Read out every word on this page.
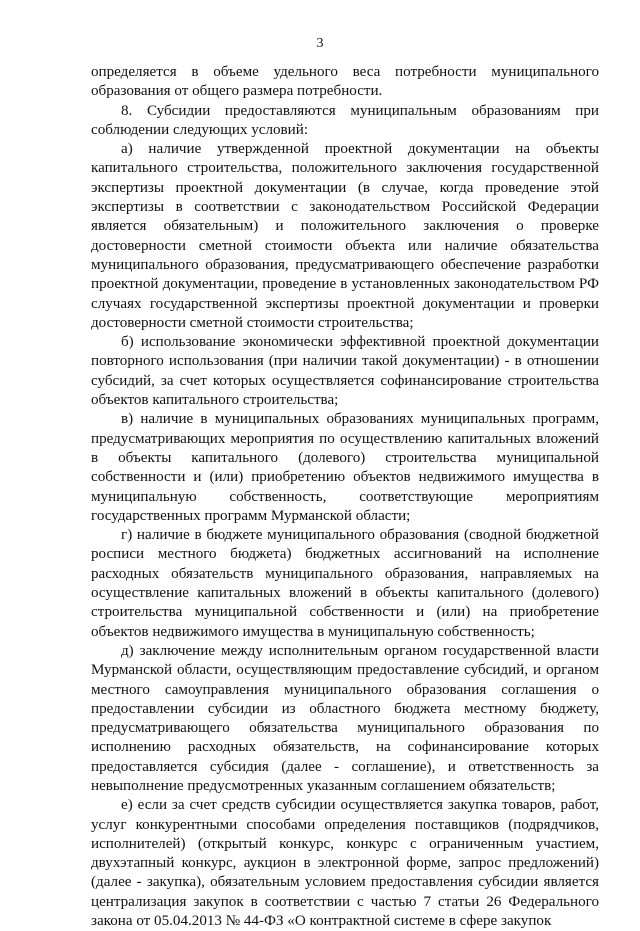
3

определяется в объеме удельного веса потребности муниципального образования от общего размера потребности.

8. Субсидии предоставляются муниципальным образованиям при соблюдении следующих условий:

а) наличие утвержденной проектной документации на объекты капитального строительства, положительного заключения государственной экспертизы проектной документации (в случае, когда проведение этой экспертизы в соответствии с законодательством Российской Федерации является обязательным) и положительного заключения о проверке достоверности сметной стоимости объекта или наличие обязательства муниципального образования, предусматривающего обеспечение разработки проектной документации, проведение в установленных законодательством РФ случаях государственной экспертизы проектной документации и проверки достоверности сметной стоимости строительства;

б) использование экономически эффективной проектной документации повторного использования (при наличии такой документации) - в отношении субсидий, за счет которых осуществляется софинансирование строительства объектов капитального строительства;

в) наличие в муниципальных образованиях муниципальных программ, предусматривающих мероприятия по осуществлению капитальных вложений в объекты капитального (долевого) строительства муниципальной собственности и (или) приобретению объектов недвижимого имущества в муниципальную собственность, соответствующие мероприятиям государственных программ Мурманской области;

г) наличие в бюджете муниципального образования (сводной бюджетной росписи местного бюджета) бюджетных ассигнований на исполнение расходных обязательств муниципального образования, направляемых на осуществление капитальных вложений в объекты капитального (долевого) строительства муниципальной собственности и (или) на приобретение объектов недвижимого имущества в муниципальную собственность;

д) заключение между исполнительным органом государственной власти Мурманской области, осуществляющим предоставление субсидий, и органом местного самоуправления муниципального образования соглашения о предоставлении субсидии из областного бюджета местному бюджету, предусматривающего обязательства муниципального образования по исполнению расходных обязательств, на софинансирование которых предоставляется субсидия (далее - соглашение), и ответственность за невыполнение предусмотренных указанным соглашением обязательств;

е) если за счет средств субсидии осуществляется закупка товаров, работ, услуг конкурентными способами определения поставщиков (подрядчиков, исполнителей) (открытый конкурс, конкурс с ограниченным участием, двухэтапный конкурс, аукцион в электронной форме, запрос предложений) (далее - закупка), обязательным условием предоставления субсидии является централизация закупок в соответствии с частью 7 статьи 26 Федерального закона от 05.04.2013 № 44-ФЗ «О контрактной системе в сфере закупок
